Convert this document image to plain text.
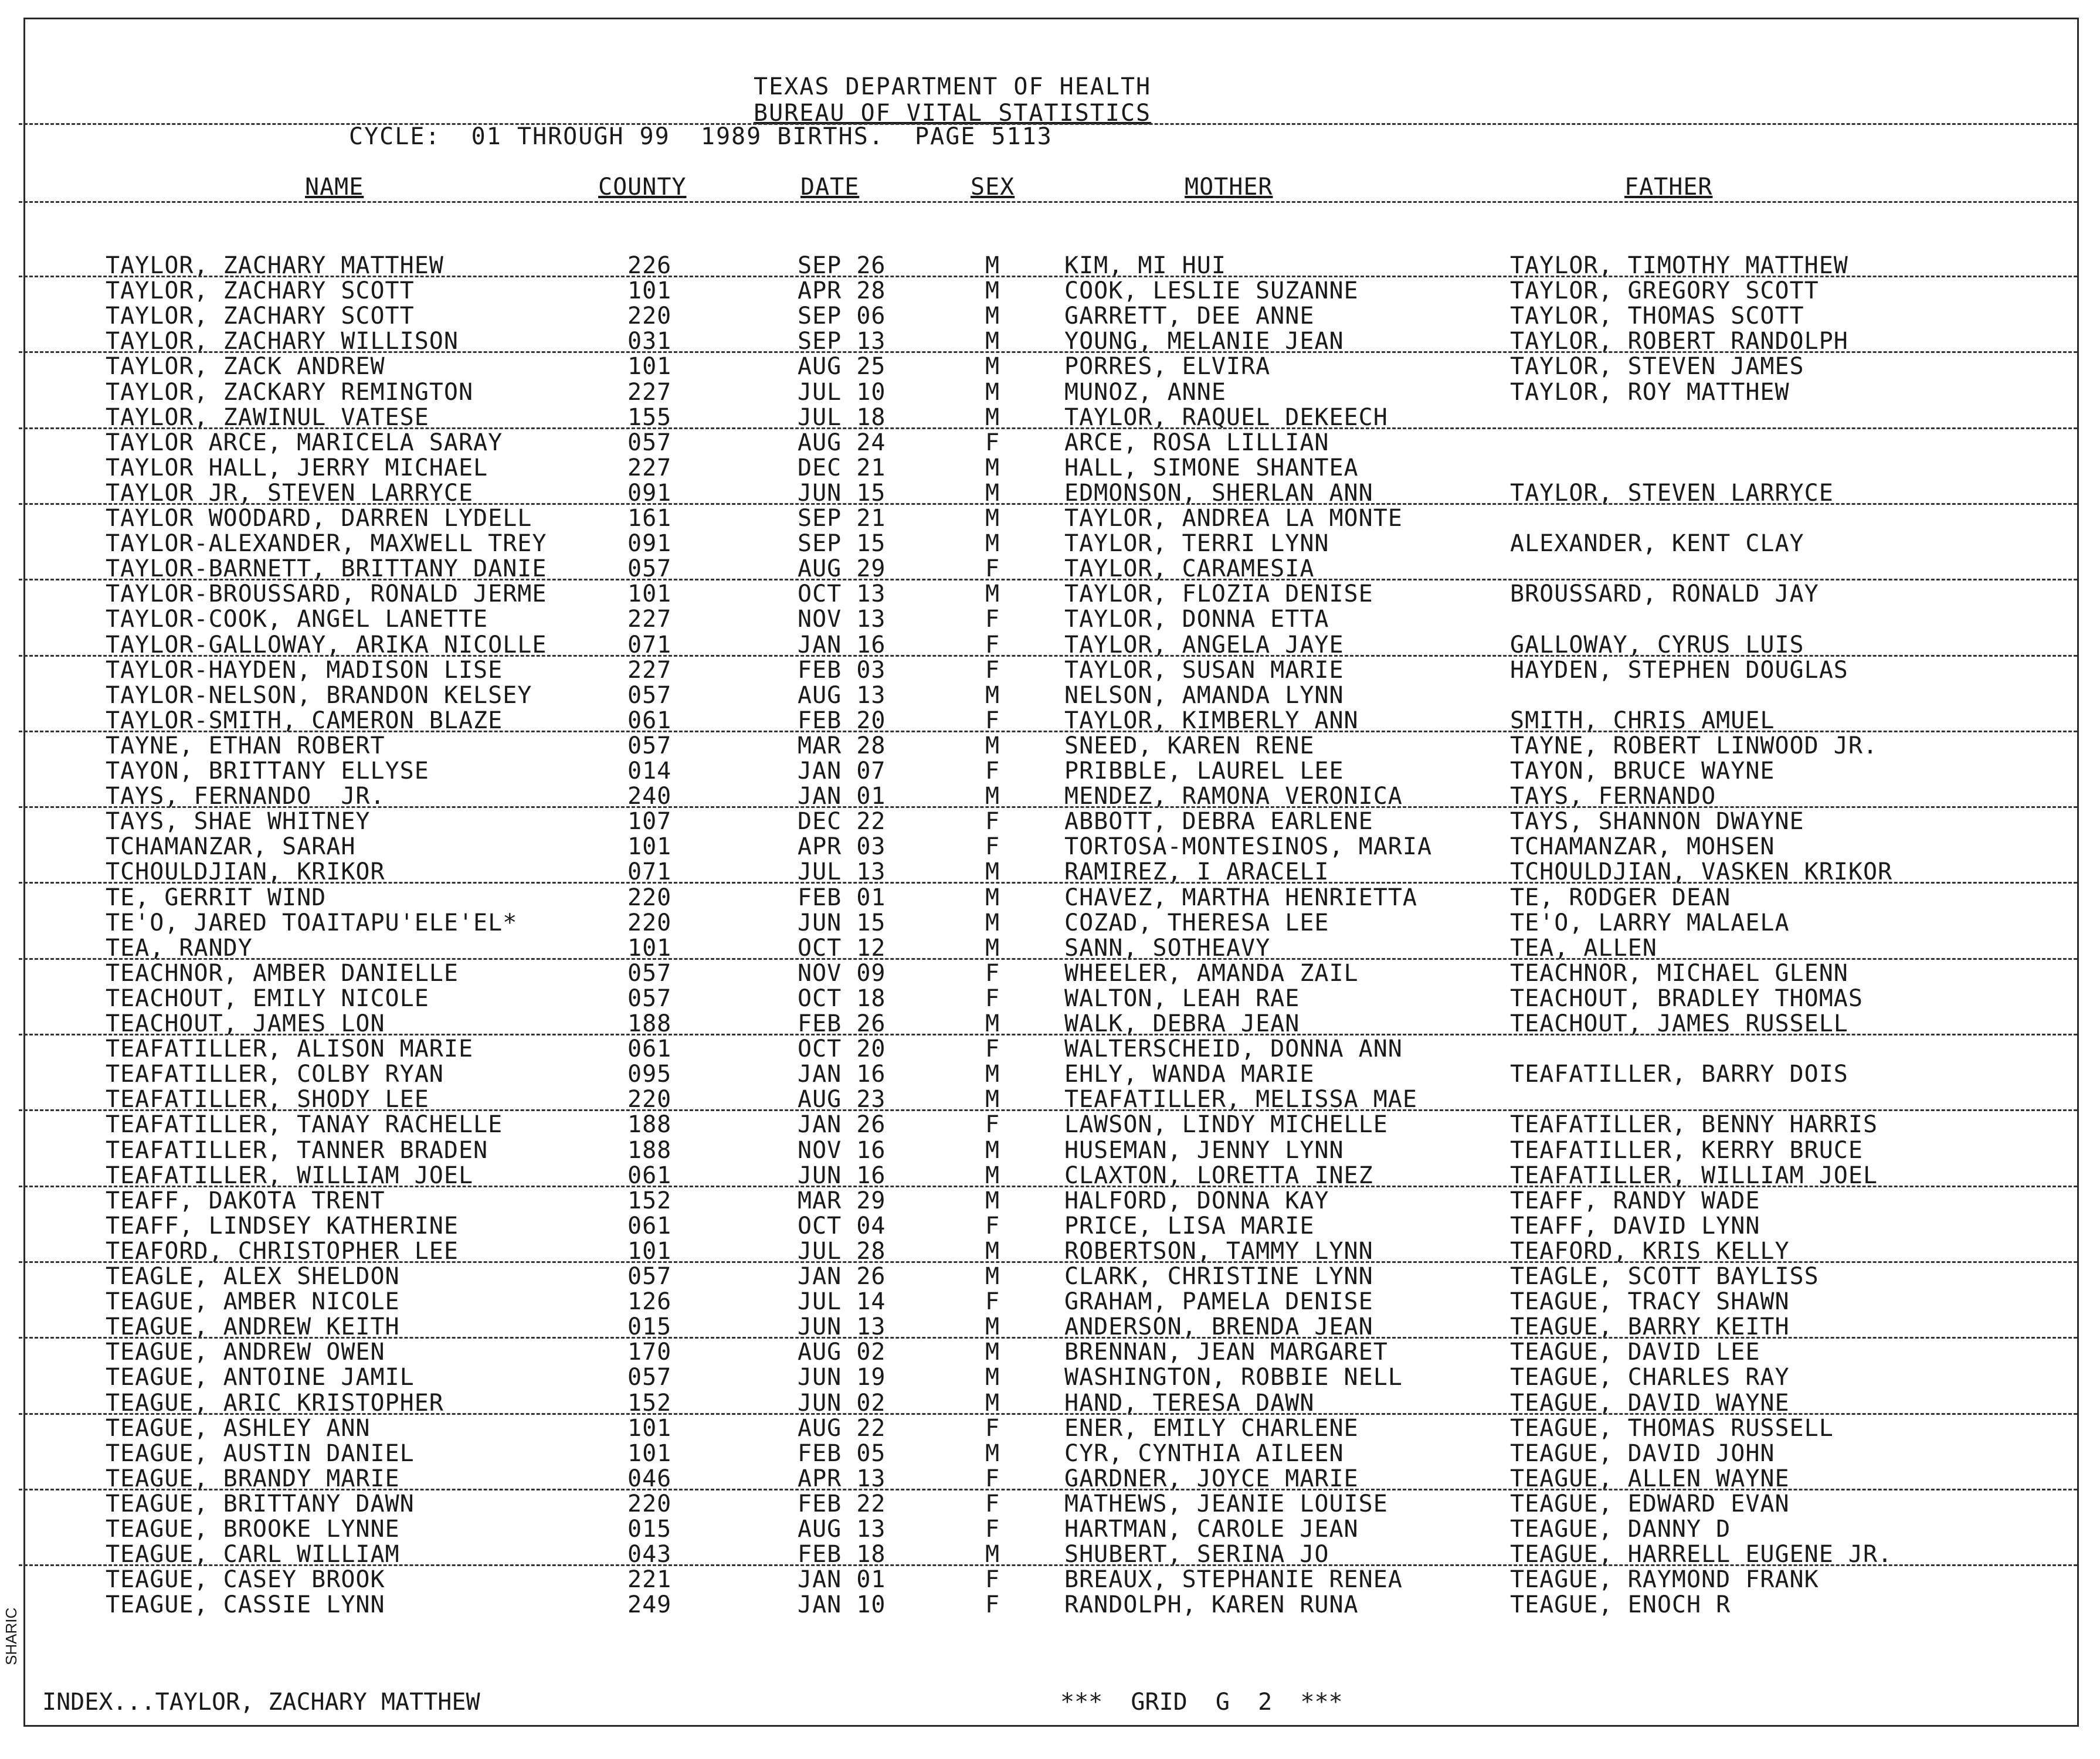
TEXAS DEPARTMENT OF HEALTH
BUREAU OF VITAL STATISTICS
CYCLE:  01 THROUGH 99  1989 BIRTHS.  PAGE 5113
NAME	COUNTY	DATE	SEX	MOTHER	FATHER
TAYLOR, ZACHARY MATTHEW	226	SEP 26	M	KIM, MI HUI	TAYLOR, TIMOTHY MATTHEW
TAYLOR, ZACHARY SCOTT	101	APR 28	M	COOK, LESLIE SUZANNE	TAYLOR, GREGORY SCOTT
TAYLOR, ZACHARY SCOTT	220	SEP 06	M	GARRETT, DEE ANNE	TAYLOR, THOMAS SCOTT
TAYLOR, ZACHARY WILLISON	031	SEP 13	M	YOUNG, MELANIE JEAN	TAYLOR, ROBERT RANDOLPH
TAYLOR, ZACK ANDREW	101	AUG 25	M	PORRES, ELVIRA	TAYLOR, STEVEN JAMES
TAYLOR, ZACKARY REMINGTON	227	JUL 10	M	MUNOZ, ANNE	TAYLOR, ROY MATTHEW
TAYLOR, ZAWINUL VATESE	155	JUL 18	M	TAYLOR, RAQUEL DEKEECH
TAYLOR ARCE, MARICELA SARAY	057	AUG 24	F	ARCE, ROSA LILLIAN
TAYLOR HALL, JERRY MICHAEL	227	DEC 21	M	HALL, SIMONE SHANTEA
TAYLOR JR, STEVEN LARRYCE	091	JUN 15	M	EDMONSON, SHERLAN ANN	TAYLOR, STEVEN LARRYCE
TAYLOR WOODARD, DARREN LYDELL	161	SEP 21	M	TAYLOR, ANDREA LA MONTE
TAYLOR-ALEXANDER, MAXWELL TREY	091	SEP 15	M	TAYLOR, TERRI LYNN	ALEXANDER, KENT CLAY
TAYLOR-BARNETT, BRITTANY DANIE	057	AUG 29	F	TAYLOR, CARAMESIA
TAYLOR-BROUSSARD, RONALD JERME	101	OCT 13	M	TAYLOR, FLOZIA DENISE	BROUSSARD, RONALD JAY
TAYLOR-COOK, ANGEL LANETTE	227	NOV 13	F	TAYLOR, DONNA ETTA
TAYLOR-GALLOWAY, ARIKA NICOLLE	071	JAN 16	F	TAYLOR, ANGELA JAYE	GALLOWAY, CYRUS LUIS
TAYLOR-HAYDEN, MADISON LISE	227	FEB 03	F	TAYLOR, SUSAN MARIE	HAYDEN, STEPHEN DOUGLAS
TAYLOR-NELSON, BRANDON KELSEY	057	AUG 13	M	NELSON, AMANDA LYNN
TAYLOR-SMITH, CAMERON BLAZE	061	FEB 20	F	TAYLOR, KIMBERLY ANN	SMITH, CHRIS AMUEL
TAYNE, ETHAN ROBERT	057	MAR 28	M	SNEED, KAREN RENE	TAYNE, ROBERT LINWOOD JR.
TAYON, BRITTANY ELLYSE	014	JAN 07	F	PRIBBLE, LAUREL LEE	TAYON, BRUCE WAYNE
TAYS, FERNANDO  JR.	240	JAN 01	M	MENDEZ, RAMONA VERONICA	TAYS, FERNANDO
TAYS, SHAE WHITNEY	107	DEC 22	F	ABBOTT, DEBRA EARLENE	TAYS, SHANNON DWAYNE
TCHAMANZAR, SARAH	101	APR 03	F	TORTOSA-MONTESINOS, MARIA	TCHAMANZAR, MOHSEN
TCHOULDJIAN, KRIKOR	071	JUL 13	M	RAMIREZ, I ARACELI	TCHOULDJIAN, VASKEN KRIKOR
TE, GERRIT WIND	220	FEB 01	M	CHAVEZ, MARTHA HENRIETTA	TE, RODGER DEAN
TE'O, JARED TOAITAPU'ELE'EL*	220	JUN 15	M	COZAD, THERESA LEE	TE'O, LARRY MALAELA
TEA, RANDY	101	OCT 12	M	SANN, SOTHEAVY	TEA, ALLEN
TEACHNOR, AMBER DANIELLE	057	NOV 09	F	WHEELER, AMANDA ZAIL	TEACHNOR, MICHAEL GLENN
TEACHOUT, EMILY NICOLE	057	OCT 18	F	WALTON, LEAH RAE	TEACHOUT, BRADLEY THOMAS
TEACHOUT, JAMES LON	188	FEB 26	M	WALK, DEBRA JEAN	TEACHOUT, JAMES RUSSELL
TEAFATILLER, ALISON MARIE	061	OCT 20	F	WALTERSCHEID, DONNA ANN
TEAFATILLER, COLBY RYAN	095	JAN 16	M	EHLY, WANDA MARIE	TEAFATILLER, BARRY DOIS
TEAFATILLER, SHODY LEE	220	AUG 23	M	TEAFATILLER, MELISSA MAE
TEAFATILLER, TANAY RACHELLE	188	JAN 26	F	LAWSON, LINDY MICHELLE	TEAFATILLER, BENNY HARRIS
TEAFATILLER, TANNER BRADEN	188	NOV 16	M	HUSEMAN, JENNY LYNN	TEAFATILLER, KERRY BRUCE
TEAFATILLER, WILLIAM JOEL	061	JUN 16	M	CLAXTON, LORETTA INEZ	TEAFATILLER, WILLIAM JOEL
TEAFF, DAKOTA TRENT	152	MAR 29	M	HALFORD, DONNA KAY	TEAFF, RANDY WADE
TEAFF, LINDSEY KATHERINE	061	OCT 04	F	PRICE, LISA MARIE	TEAFF, DAVID LYNN
TEAFORD, CHRISTOPHER LEE	101	JUL 28	M	ROBERTSON, TAMMY LYNN	TEAFORD, KRIS KELLY
TEAGLE, ALEX SHELDON	057	JAN 26	M	CLARK, CHRISTINE LYNN	TEAGLE, SCOTT BAYLISS
TEAGUE, AMBER NICOLE	126	JUL 14	F	GRAHAM, PAMELA DENISE	TEAGUE, TRACY SHAWN
TEAGUE, ANDREW KEITH	015	JUN 13	M	ANDERSON, BRENDA JEAN	TEAGUE, BARRY KEITH
TEAGUE, ANDREW OWEN	170	AUG 02	M	BRENNAN, JEAN MARGARET	TEAGUE, DAVID LEE
TEAGUE, ANTOINE JAMIL	057	JUN 19	M	WASHINGTON, ROBBIE NELL	TEAGUE, CHARLES RAY
TEAGUE, ARIC KRISTOPHER	152	JUN 02	M	HAND, TERESA DAWN	TEAGUE, DAVID WAYNE
TEAGUE, ASHLEY ANN	101	AUG 22	F	ENER, EMILY CHARLENE	TEAGUE, THOMAS RUSSELL
TEAGUE, AUSTIN DANIEL	101	FEB 05	M	CYR, CYNTHIA AILEEN	TEAGUE, DAVID JOHN
TEAGUE, BRANDY MARIE	046	APR 13	F	GARDNER, JOYCE MARIE	TEAGUE, ALLEN WAYNE
TEAGUE, BRITTANY DAWN	220	FEB 22	F	MATHEWS, JEANIE LOUISE	TEAGUE, EDWARD EVAN
TEAGUE, BROOKE LYNNE	015	AUG 13	F	HARTMAN, CAROLE JEAN	TEAGUE, DANNY D
TEAGUE, CARL WILLIAM	043	FEB 18	M	SHUBERT, SERINA JO	TEAGUE, HARRELL EUGENE JR.
TEAGUE, CASEY BROOK	221	JAN 01	F	BREAUX, STEPHANIE RENEA	TEAGUE, RAYMOND FRANK
TEAGUE, CASSIE LYNN	249	JAN 10	F	RANDOLPH, KAREN RUNA	TEAGUE, ENOCH R
INDEX...TAYLOR, ZACHARY MATTHEW	***  GRID  G  2  ***
SHARIC
